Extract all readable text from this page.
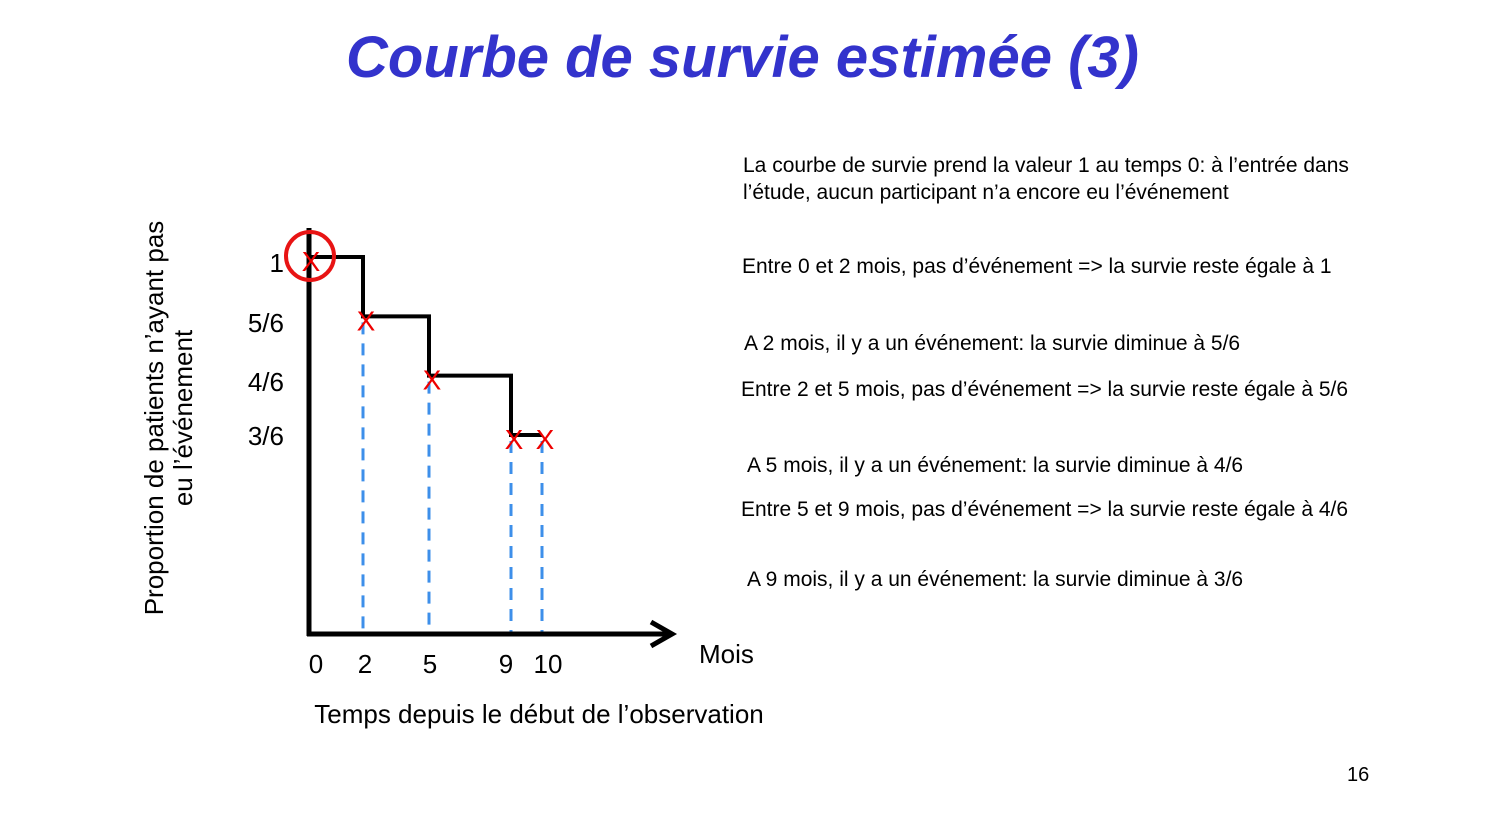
Courbe de survie estimée (3)
X
X
X
X X
1
5/6
4/6
3/6
0 2 5 9 10	Mois
Temps depuis le début de l’observation
Proportion de patients n’ayant pas eu l’événement
La courbe de survie prend la valeur 1 au temps 0: à l’entrée dans
l’étude, aucun participant n’a encore eu l’événement
Entre 0 et 2 mois, pas d’événement => la survie reste égale à 1
A 2 mois, il y a un événement: la survie diminue à 5/6
Entre 2 et 5 mois, pas d’événement => la survie reste égale à 5/6
A 5 mois, il y a un événement: la survie diminue à 4/6
Entre 5 et 9 mois, pas d’événement => la survie reste égale à 4/6
A 9 mois, il y a un événement: la survie diminue à 3/6
16
